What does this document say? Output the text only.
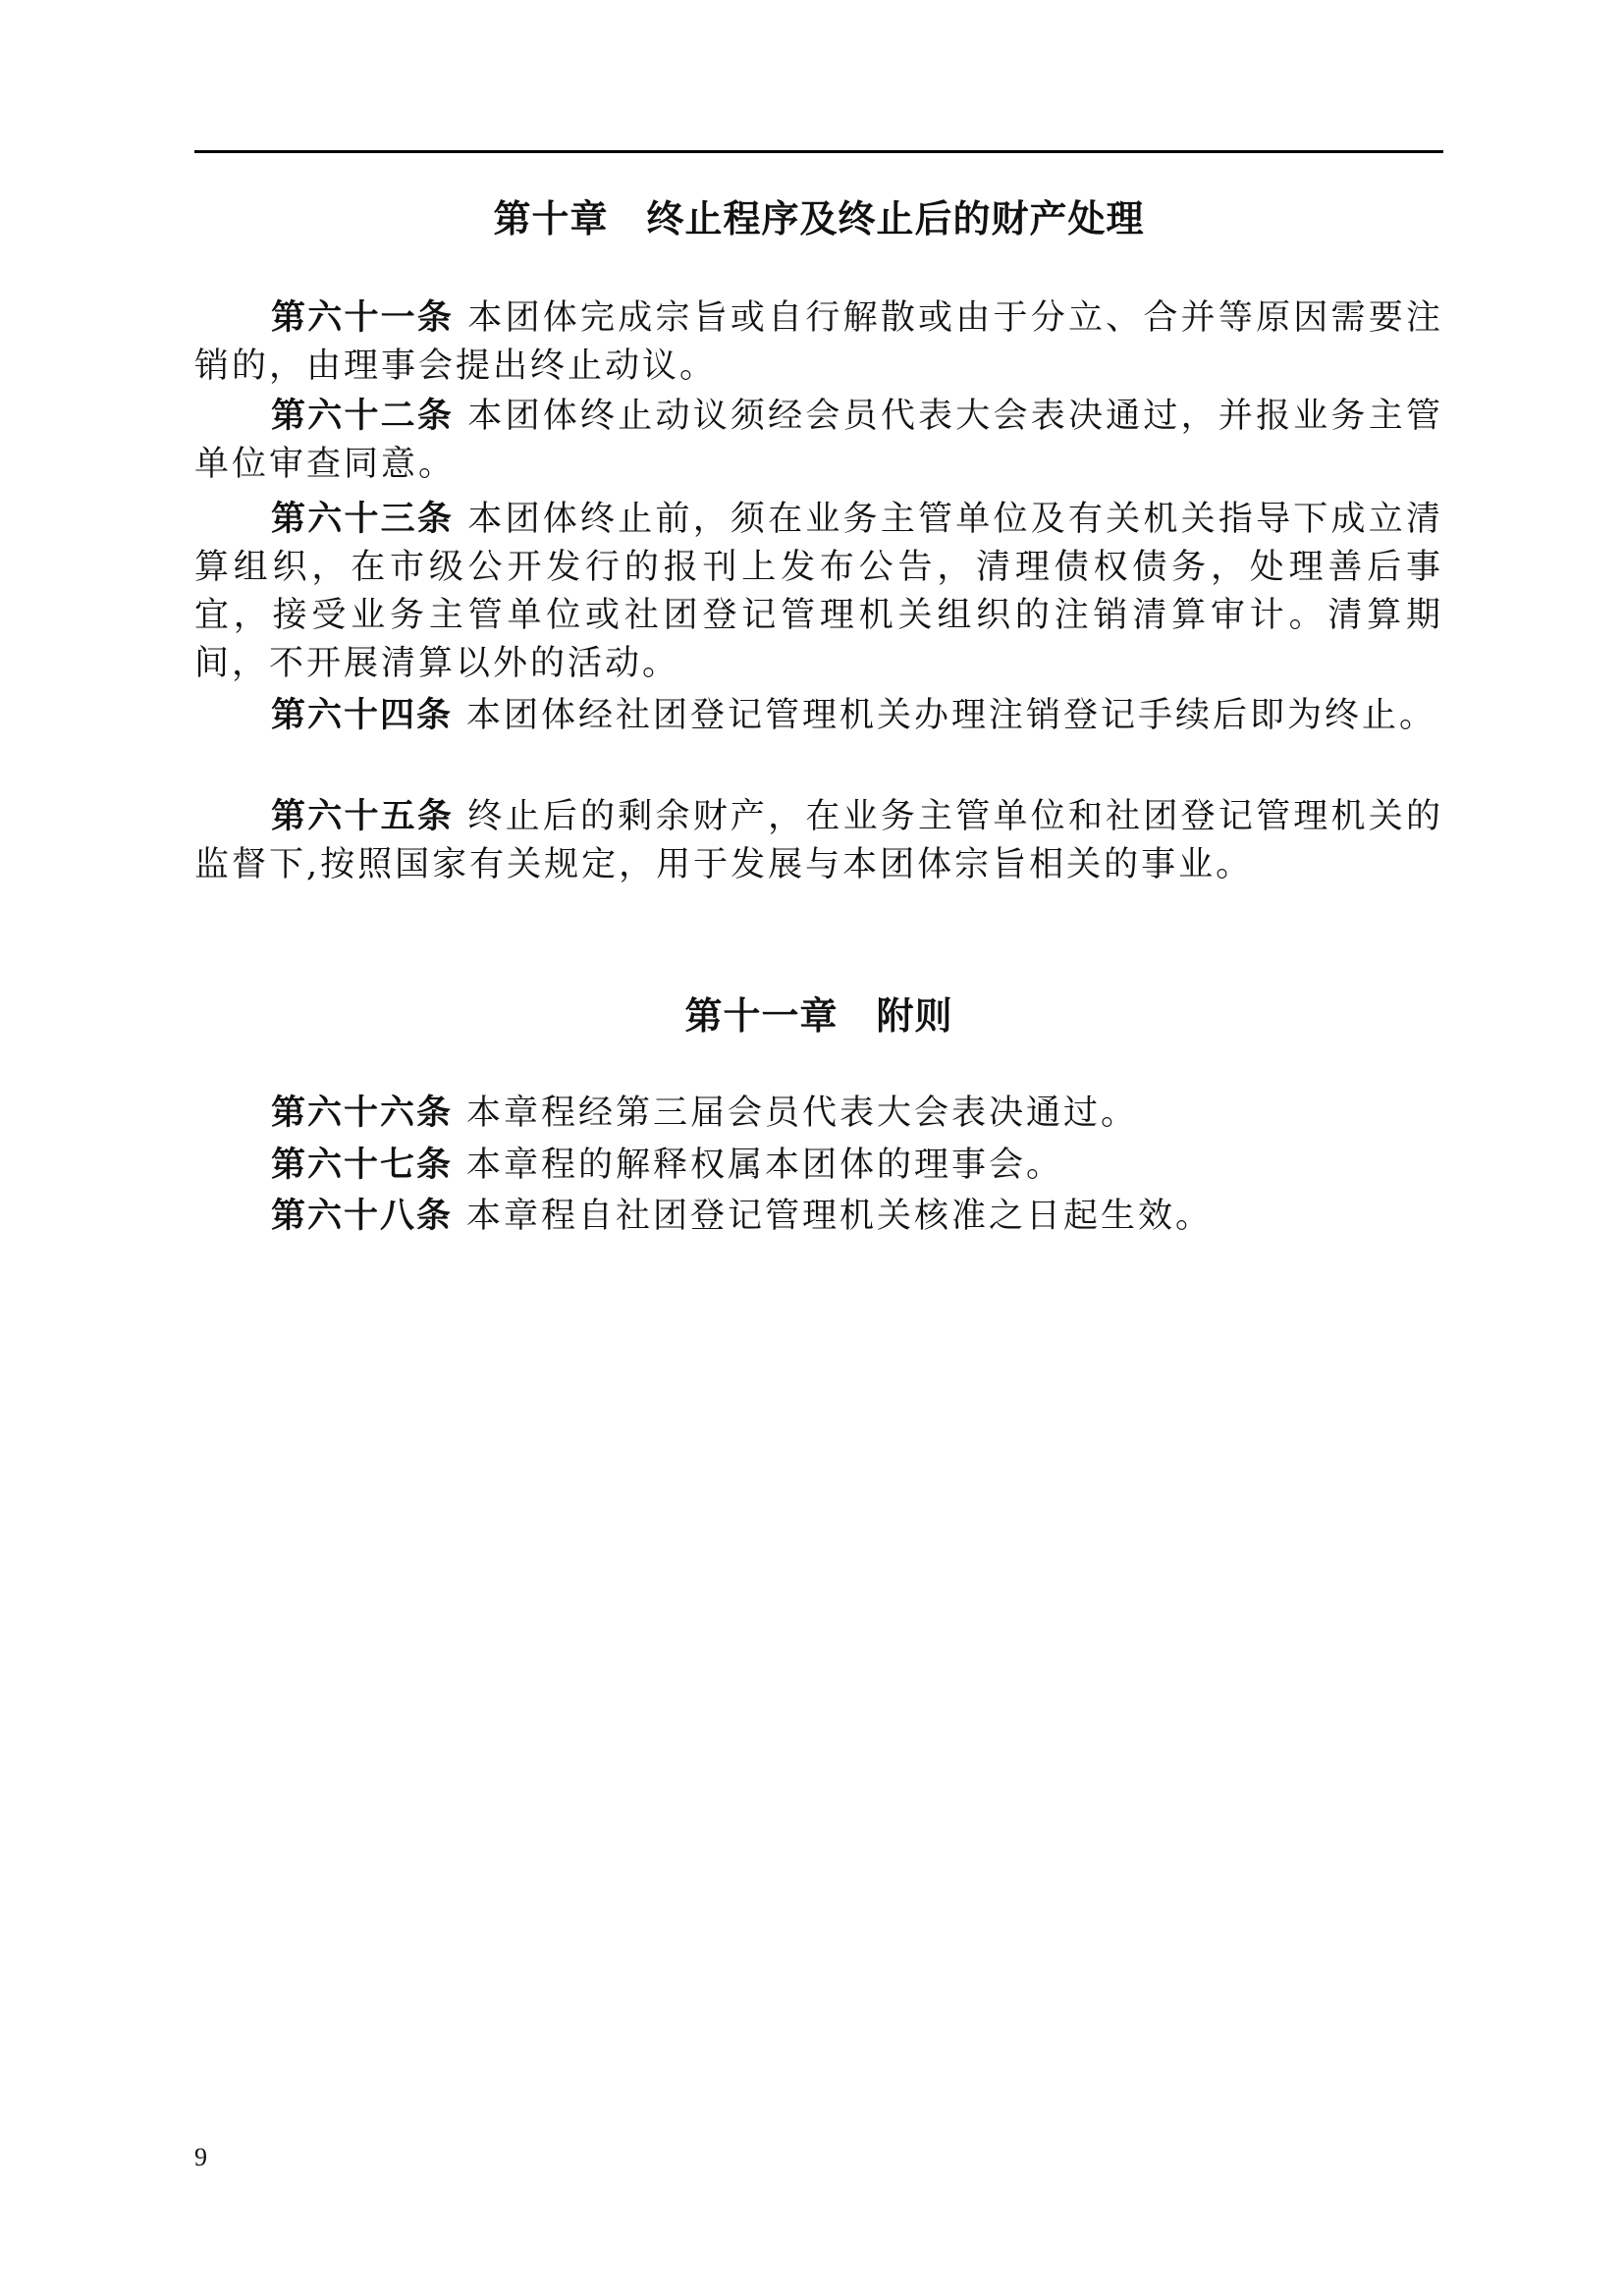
第十章　终止程序及终止后的财产处理

第六十一条 本团体完成宗旨或自行解散或由于分立、合并等原因需要注销的，由理事会提出终止动议。

第六十二条 本团体终止动议须经会员代表大会表决通过，并报业务主管单位审查同意。

第六十三条 本团体终止前，须在业务主管单位及有关机关指导下成立清算组织，在市级公开发行的报刊上发布公告，清理债权债务，处理善后事宜，接受业务主管单位或社团登记管理机关组织的注销清算审计。清算期间，不开展清算以外的活动。

第六十四条 本团体经社团登记管理机关办理注销登记手续后即为终止。

第六十五条 终止后的剩余财产，在业务主管单位和社团登记管理机关的监督下,按照国家有关规定，用于发展与本团体宗旨相关的事业。

第十一章　附则

第六十六条 本章程经第三届会员代表大会表决通过。

第六十七条 本章程的解释权属本团体的理事会。

第六十八条 本章程自社团登记管理机关核准之日起生效。

9
